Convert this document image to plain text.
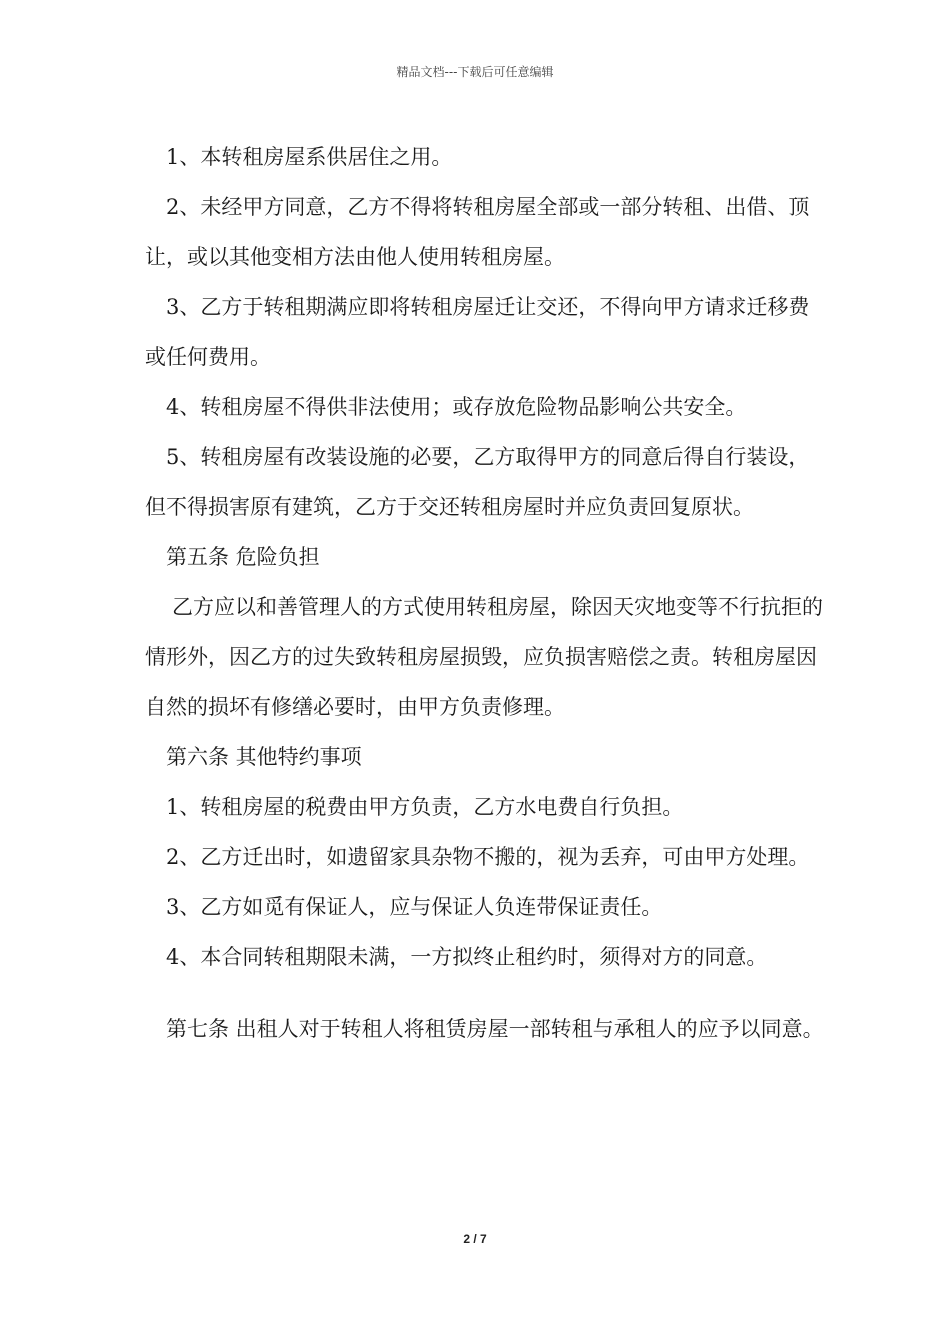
精品文档---下载后可任意编辑

1、本转租房屋系供居住之用。

2、未经甲方同意，乙方不得将转租房屋全部或一部分转租、出借、顶让，或以其他变相方法由他人使用转租房屋。

3、乙方于转租期满应即将转租房屋迁让交还，不得向甲方请求迁移费或任何费用。

4、转租房屋不得供非法使用；或存放危险物品影响公共安全。

5、转租房屋有改装设施的必要，乙方取得甲方的同意后得自行装设，但不得损害原有建筑，乙方于交还转租房屋时并应负责回复原状。

第五条 危险负担

乙方应以和善管理人的方式使用转租房屋，除因天灾地变等不行抗拒的情形外，因乙方的过失致转租房屋损毁，应负损害赔偿之责。转租房屋因自然的损坏有修缮必要时，由甲方负责修理。

第六条 其他特约事项

1、转租房屋的税费由甲方负责，乙方水电费自行负担。

2、乙方迁出时，如遗留家具杂物不搬的，视为丢弃，可由甲方处理。

3、乙方如觅有保证人，应与保证人负连带保证责任。

4、本合同转租期限未满，一方拟终止租约时，须得对方的同意。

第七条 出租人对于转租人将租赁房屋一部转租与承租人的应予以同意。

2 / 7
